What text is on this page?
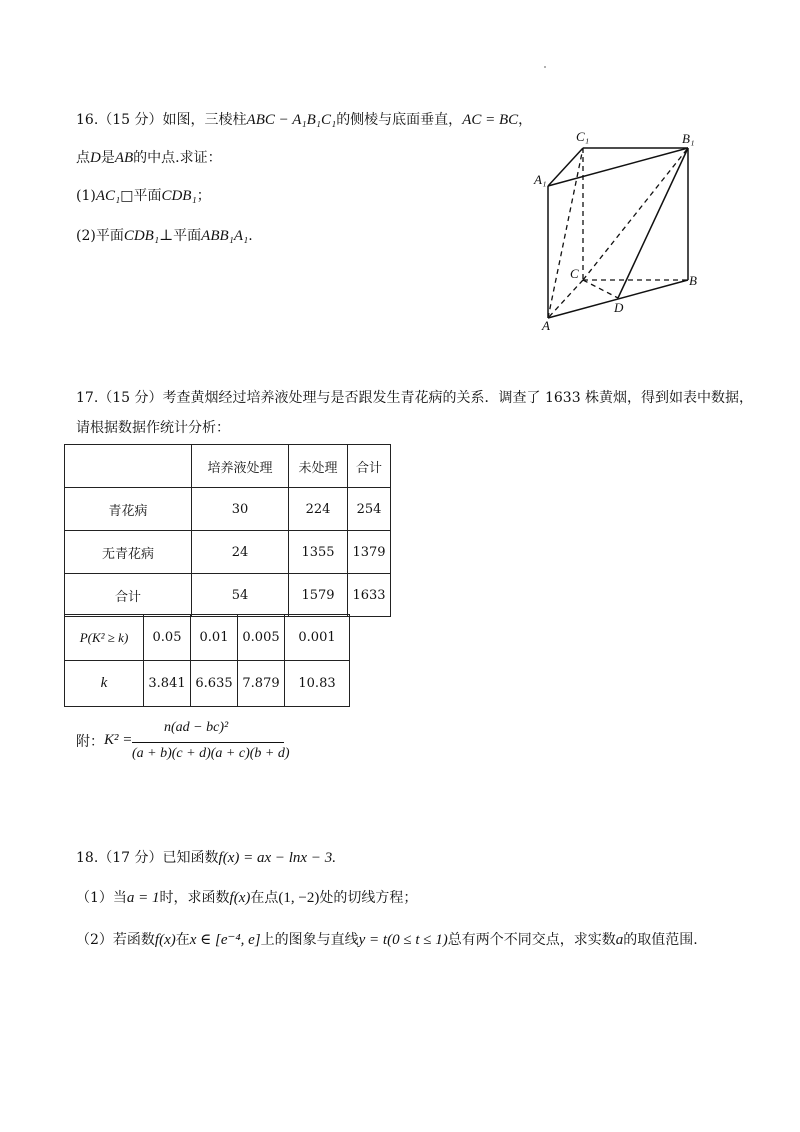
16.（15 分）如图，三棱柱ABC − A₁B₁C₁的侧棱与底面垂直，AC = BC，
点D是AB的中点.求证：
(1)AC₁□平面CDB₁；
(2)平面CDB₁⊥平面ABB₁A₁.
C₁	B₁
A₁
C	B
D
A
17.（15 分）考查黄烟经过培养液处理与是否跟发生青花病的关系．调查了 1633 株黄烟，得到如表中数据，
请根据数据作统计分析：
	培养液处理	未处理	合计
青花病	30	224	254
无青花病	24	1355	1379
合计	54	1579	1633
P(K² ≥ k)	0.05	0.01	0.005	0.001
k	3.841	6.635	7.879	10.83
附： K² =
n(ad − bc)²
(a + b)(c + d)(a + c)(b + d)
18.（17 分）已知函数f(x) = ax − lnx − 3.
（1）当a = 1时，求函数f(x)在点(1, −2)处的切线方程；
（2）若函数f(x)在x ∈ [e⁻⁴, e]上的图象与直线y = t(0 ≤ t ≤ 1)总有两个不同交点，求实数a的取值范围.
